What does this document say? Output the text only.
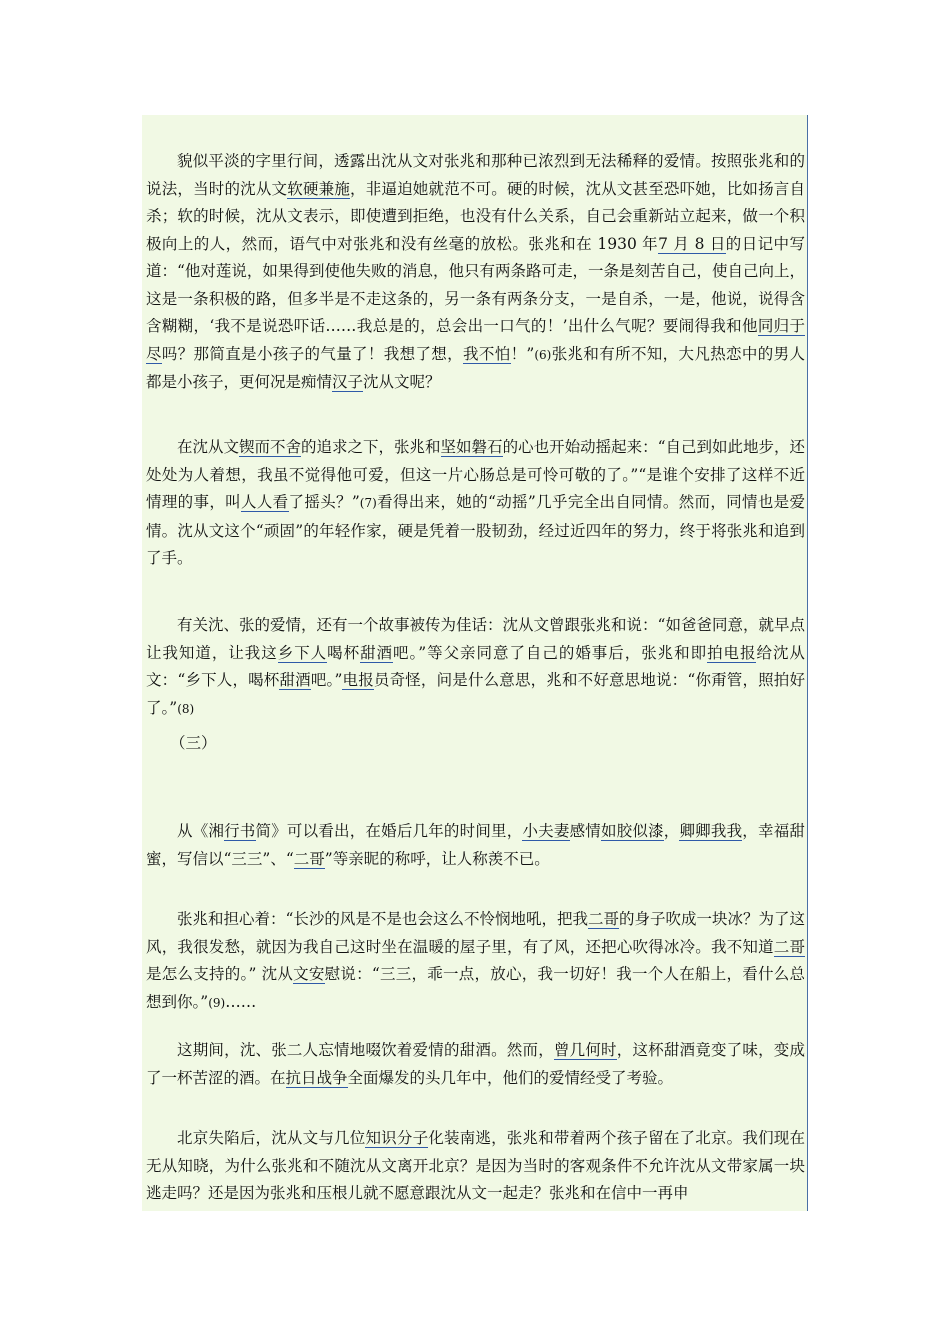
貌似平淡的字里行间，透露出沈从文对张兆和那种已浓烈到无法稀释的爱情。按照张兆和的说法，当时的沈从文软硬兼施，非逼迫她就范不可。硬的时候，沈从文甚至恐吓她，比如扬言自杀；软的时候，沈从文表示，即使遭到拒绝，也没有什么关系，自己会重新站立起来，做一个积极向上的人，然而，语气中对张兆和没有丝毫的放松。张兆和在 1930 年7 月 8 日的日记中写道：“他对莲说，如果得到使他失败的消息，他只有两条路可走，一条是刻苦自己，使自己向上，这是一条积极的路，但多半是不走这条的，另一条有两条分支，一是自杀，一是，他说，说得含含糊糊，‘我不是说恐吓话……我总是的，总会出一口气的！’出什么气呢？要闹得我和他同归于尽吗？那简直是小孩子的气量了！我想了想，我不怕！”(6)张兆和有所不知，大凡热恋中的男人都是小孩子，更何况是痴情汉子沈从文呢？

在沈从文锲而不舍的追求之下，张兆和坚如磐石的心也开始动摇起来：“自己到如此地步，还处处为人着想，我虽不觉得他可爱，但这一片心肠总是可怜可敬的了。”“是谁个安排了这样不近情理的事，叫人人看了摇头？”(7)看得出来，她的“动摇”几乎完全出自同情。然而，同情也是爱情。沈从文这个“顽固”的年轻作家，硬是凭着一股韧劲，经过近四年的努力，终于将张兆和追到了手。

有关沈、张的爱情，还有一个故事被传为佳话：沈从文曾跟张兆和说：“如爸爸同意，就早点让我知道，让我这乡下人喝杯甜酒吧。”等父亲同意了自己的婚事后，张兆和即拍电报给沈从文：“乡下人，喝杯甜酒吧。”电报员奇怪，问是什么意思，兆和不好意思地说：“你甭管，照拍好了。”(8)

（三）

从《湘行书简》可以看出，在婚后几年的时间里，小夫妻感情如胶似漆，卿卿我我，幸福甜蜜，写信以“三三”、“二哥”等亲昵的称呼，让人称羡不已。

张兆和担心着：“长沙的风是不是也会这么不怜悯地吼，把我二哥的身子吹成一块冰？为了这风，我很发愁，就因为我自己这时坐在温暖的屋子里，有了风，还把心吹得冰冷。我不知道二哥是怎么支持的。” 沈从文安慰说：“三三，乖一点，放心，我一切好！我一个人在船上，看什么总想到你。”(9)……

这期间，沈、张二人忘情地啜饮着爱情的甜酒。然而，曾几何时，这杯甜酒竟变了味，变成了一杯苦涩的酒。在抗日战争全面爆发的头几年中，他们的爱情经受了考验。

北京失陷后，沈从文与几位知识分子化装南逃，张兆和带着两个孩子留在了北京。我们现在无从知晓，为什么张兆和不随沈从文离开北京？是因为当时的客观条件不允许沈从文带家属一块逃走吗？还是因为张兆和压根儿就不愿意跟沈从文一起走？张兆和在信中一再申
